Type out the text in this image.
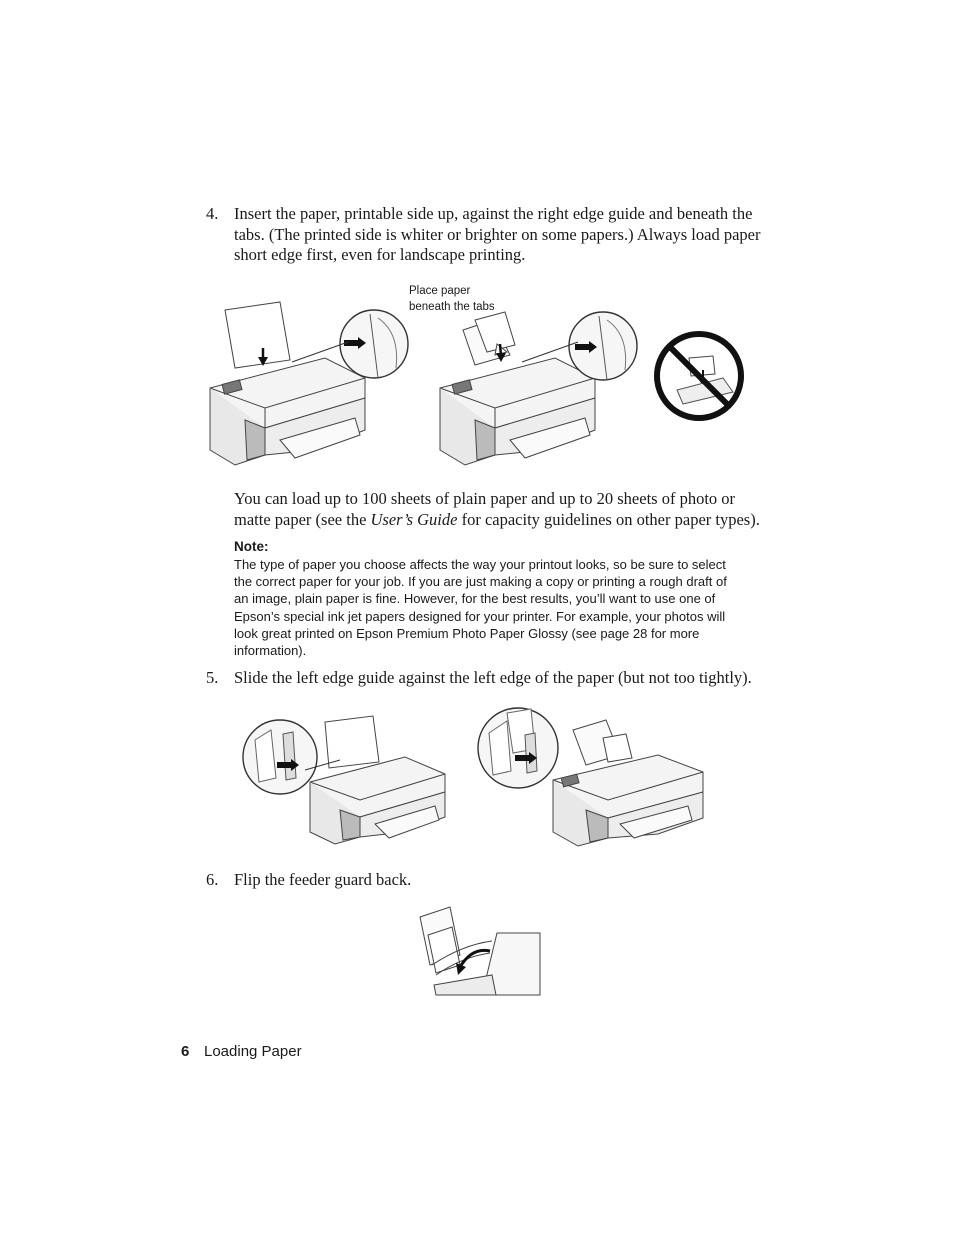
4. Insert the paper, printable side up, against the right edge guide and beneath the tabs. (The printed side is whiter or brighter on some papers.) Always load paper short edge first, even for landscape printing.
Place paper
beneath the tabs
You can load up to 100 sheets of plain paper and up to 20 sheets of photo or matte paper (see the User’s Guide for capacity guidelines on other paper types).
Note:
The type of paper you choose affects the way your printout looks, so be sure to select the correct paper for your job. If you are just making a copy or printing a rough draft of an image, plain paper is fine. However, for the best results, you’ll want to use one of Epson’s special ink jet papers designed for your printer. For example, your photos will look great printed on Epson Premium Photo Paper Glossy (see page 28 for more information).
5. Slide the left edge guide against the left edge of the paper (but not too tightly).
6. Flip the feeder guard back.
6 Loading Paper
